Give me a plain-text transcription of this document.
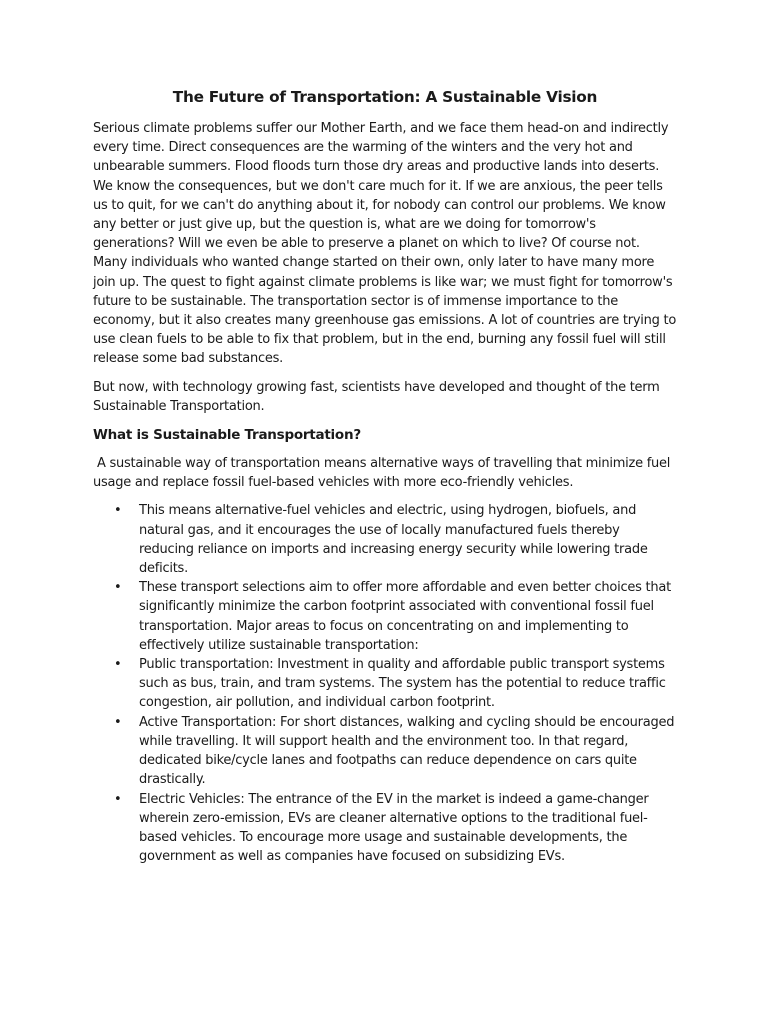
The Future of Transportation: A Sustainable Vision

Serious climate problems suffer our Mother Earth, and we face them head-on and indirectly every time. Direct consequences are the warming of the winters and the very hot and unbearable summers. Flood floods turn those dry areas and productive lands into deserts. We know the consequences, but we don't care much for it. If we are anxious, the peer tells us to quit, for we can't do anything about it, for nobody can control our problems. We know any better or just give up, but the question is, what are we doing for tomorrow's generations? Will we even be able to preserve a planet on which to live? Of course not. Many individuals who wanted change started on their own, only later to have many more join up. The quest to fight against climate problems is like war; we must fight for tomorrow's future to be sustainable. The transportation sector is of immense importance to the economy, but it also creates many greenhouse gas emissions. A lot of countries are trying to use clean fuels to be able to fix that problem, but in the end, burning any fossil fuel will still release some bad substances.

But now, with technology growing fast, scientists have developed and thought of the term Sustainable Transportation.

What is Sustainable Transportation?

A sustainable way of transportation means alternative ways of travelling that minimize fuel usage and replace fossil fuel-based vehicles with more eco-friendly vehicles.

• This means alternative-fuel vehicles and electric, using hydrogen, biofuels, and natural gas, and it encourages the use of locally manufactured fuels thereby reducing reliance on imports and increasing energy security while lowering trade deficits.
• These transport selections aim to offer more affordable and even better choices that significantly minimize the carbon footprint associated with conventional fossil fuel transportation. Major areas to focus on concentrating on and implementing to effectively utilize sustainable transportation:
• Public transportation: Investment in quality and affordable public transport systems such as bus, train, and tram systems. The system has the potential to reduce traffic congestion, air pollution, and individual carbon footprint.
• Active Transportation: For short distances, walking and cycling should be encouraged while travelling. It will support health and the environment too. In that regard, dedicated bike/cycle lanes and footpaths can reduce dependence on cars quite drastically.
• Electric Vehicles: The entrance of the EV in the market is indeed a game-changer wherein zero-emission, EVs are cleaner alternative options to the traditional fuel-based vehicles. To encourage more usage and sustainable developments, the government as well as companies have focused on subsidizing EVs.
